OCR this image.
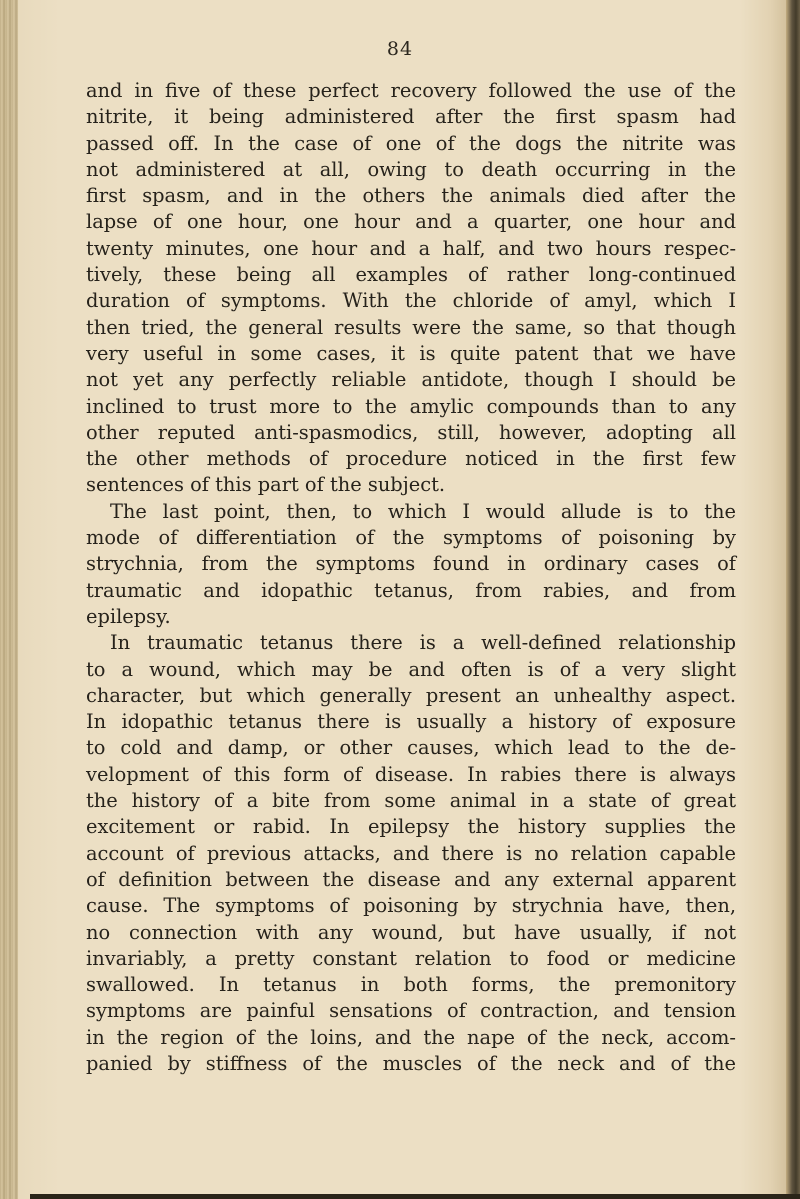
84
and in five of these perfect recovery followed the use of the
nitrite, it being administered after the first spasm had
passed off. In the case of one of the dogs the nitrite was
not administered at all, owing to death occurring in the
first spasm, and in the others the animals died after the
lapse of one hour, one hour and a quarter, one hour and
twenty minutes, one hour and a half, and two hours respec-
tively, these being all examples of rather long-continued
duration of symptoms. With the chloride of amyl, which I
then tried, the general results were the same, so that though
very useful in some cases, it is quite patent that we have
not yet any perfectly reliable antidote, though I should be
inclined to trust more to the amylic compounds than to any
other reputed anti-spasmodics, still, however, adopting all
the other methods of procedure noticed in the first few
sentences of this part of the subject.
The last point, then, to which I would allude is to the
mode of differentiation of the symptoms of poisoning by
strychnia, from the symptoms found in ordinary cases of
traumatic and idopathic tetanus, from rabies, and from
epilepsy.
In traumatic tetanus there is a well-defined relationship
to a wound, which may be and often is of a very slight
character, but which generally present an unhealthy aspect.
In idopathic tetanus there is usually a history of exposure
to cold and damp, or other causes, which lead to the de-
velopment of this form of disease. In rabies there is always
the history of a bite from some animal in a state of great
excitement or rabid. In epilepsy the history supplies the
account of previous attacks, and there is no relation capable
of definition between the disease and any external apparent
cause. The symptoms of poisoning by strychnia have, then,
no connection with any wound, but have usually, if not
invariably, a pretty constant relation to food or medicine
swallowed. In tetanus in both forms, the premonitory
symptoms are painful sensations of contraction, and tension
in the region of the loins, and the nape of the neck, accom-
panied by stiffness of the muscles of the neck and of the
